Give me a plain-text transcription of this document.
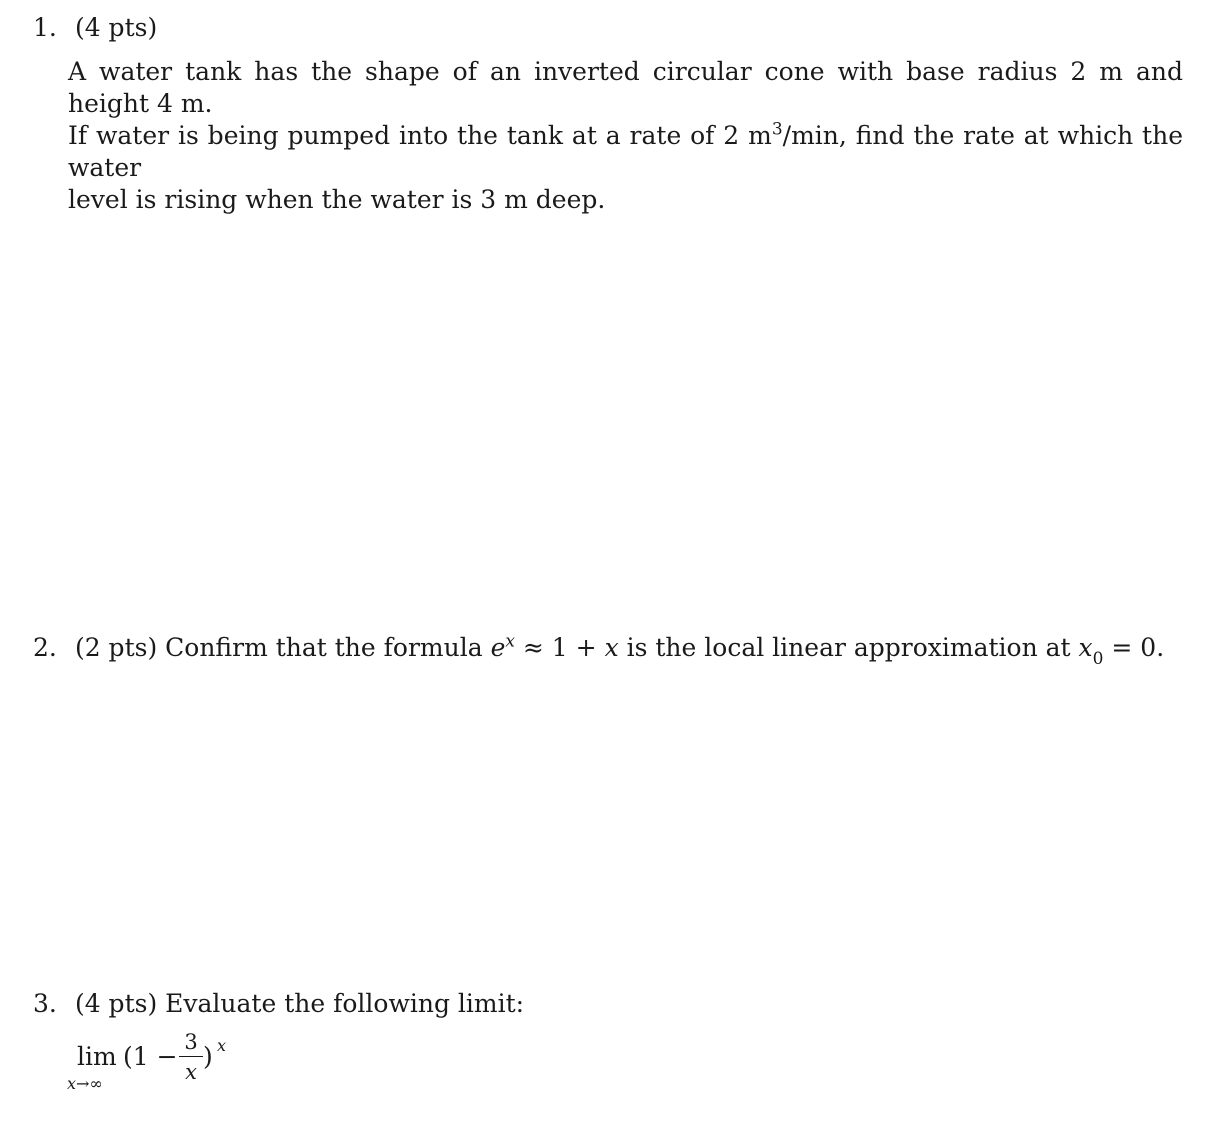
1. (4 pts)
A water tank has the shape of an inverted circular cone with base radius 2 m and height 4 m.
If water is being pumped into the tank at a rate of 2 $m^3/\min$, find the rate at which the water
level is rising when the water is 3 m deep.
2. (2 pts) Confirm that the formula $e^x \approx 1 + x$ is the local linear approximation at $x_0 = 0$.
3. (4 pts) Evaluate the following limit:
lim
x→∞
(1 − 3
x
) x
